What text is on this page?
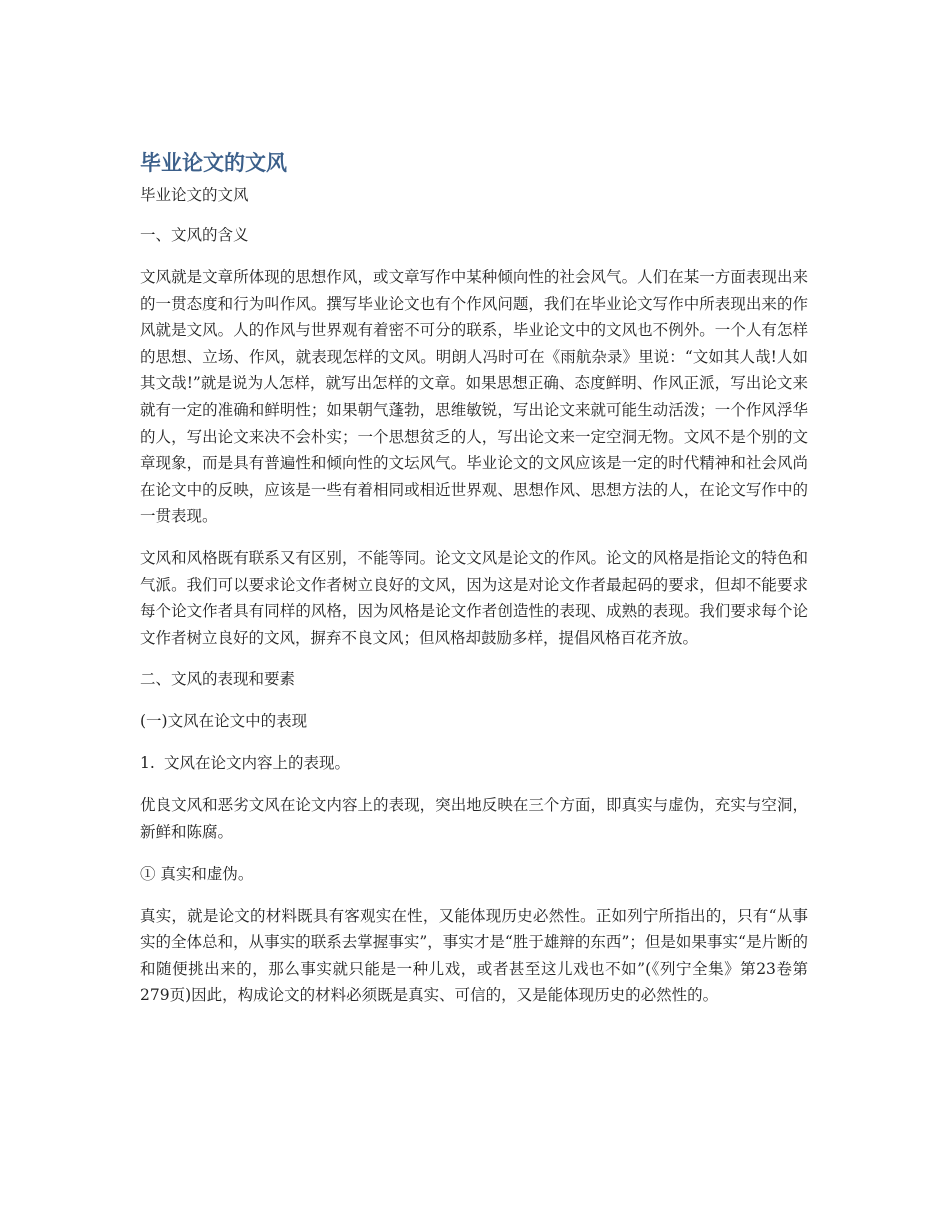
毕业论文的文风
毕业论文的文风
一、文风的含义

文风就是文章所体现的思想作风，或文章写作中某种倾向性的社会风气。人们在某一方面表现出来的一贯态度和行为叫作风。撰写毕业论文也有个作风问题，我们在毕业论文写作中所表现出来的作风就是文风。人的作风与世界观有着密不可分的联系，毕业论文中的文风也不例外。一个人有怎样的思想、立场、作风，就表现怎样的文风。明朗人冯时可在《雨航杂录》里说：“文如其人哉!人如其文哉!”就是说为人怎样，就写出怎样的文章。如果思想正确、态度鲜明、作风正派，写出论文来就有一定的准确和鲜明性；如果朝气蓬勃，思维敏锐，写出论文来就可能生动活泼；一个作风浮华的人，写出论文来决不会朴实；一个思想贫乏的人，写出论文来一定空洞无物。文风不是个别的文章现象，而是具有普遍性和倾向性的文坛风气。毕业论文的文风应该是一定的时代精神和社会风尚在论文中的反映，应该是一些有着相同或相近世界观、思想作风、思想方法的人，在论文写作中的一贯表现。

文风和风格既有联系又有区别，不能等同。论文文风是论文的作风。论文的风格是指论文的特色和气派。我们可以要求论文作者树立良好的文风，因为这是对论文作者最起码的要求，但却不能要求每个论文作者具有同样的风格，因为风格是论文作者创造性的表现、成熟的表现。我们要求每个论文作者树立良好的文风，摒弃不良文风；但风格却鼓励多样，提倡风格百花齐放。

二、文风的表现和要素
(一)文风在论文中的表现
1. 文风在论文内容上的表现。

优良文风和恶劣文风在论文内容上的表现，突出地反映在三个方面，即真实与虚伪，充实与空洞，新鲜和陈腐。

① 真实和虚伪。

真实，就是论文的材料既具有客观实在性，又能体现历史必然性。正如列宁所指出的，只有“从事实的全体总和，从事实的联系去掌握事实”，事实才是“胜于雄辩的东西”；但是如果事实“是片断的和随便挑出来的，那么事实就只能是一种儿戏，或者甚至这儿戏也不如”(《列宁全集》第23卷第279页)因此，构成论文的材料必须既是真实、可信的，又是能体现历史的必然性的。
